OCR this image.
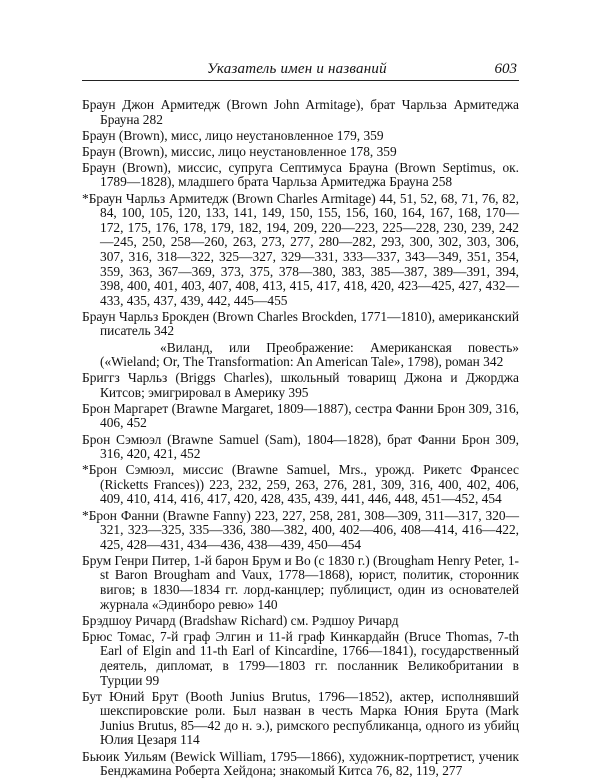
Указатель имен и названий	603

Браун Джон Армитедж (Brown John Armitage), брат Чарльза Армитеджа Брауна 282

Браун (Brown), мисс, лицо неустановленное 179, 359

Браун (Brown), миссис, лицо неустановленное 178, 359

Браун (Brown), миссис, супруга Септимуса Брауна (Brown Septimus, ок. 1789—1828), младшего брата Чарльза Армитеджа Брауна 258

*Браун Чарльз Армитедж (Brown Charles Armitage) 44, 51, 52, 68, 71, 76, 82, 84, 100, 105, 120, 133, 141, 149, 150, 155, 156, 160, 164, 167, 168, 170—172, 175, 176, 178, 179, 182, 194, 209, 220—223, 225—228, 230, 239, 242—245, 250, 258—260, 263, 273, 277, 280—282, 293, 300, 302, 303, 306, 307, 316, 318—322, 325—327, 329—331, 333—337, 343—349, 351, 354, 359, 363, 367—369, 373, 375, 378—380, 383, 385—387, 389—391, 394, 398, 400, 401, 403, 407, 408, 413, 415, 417, 418, 420, 423—425, 427, 432—433, 435, 437, 439, 442, 445—455

Браун Чарльз Брокден (Brown Charles Brockden, 1771—1810), американский писатель 342

«Виланд, или Преображение: Американская повесть» («Wieland; Or, The Transformation: An American Tale», 1798), роман 342

Бриггз Чарльз (Briggs Charles), школьный товарищ Джона и Джорджа Китсов; эмигрировал в Америку 395

Брон Маргарет (Brawne Margaret, 1809—1887), сестра Фанни Брон 309, 316, 406, 452

Брон Сэмюэл (Brawne Samuel (Sam), 1804—1828), брат Фанни Брон 309, 316, 420, 421, 452

*Брон Сэмюэл, миссис (Brawne Samuel, Mrs., урожд. Рикетс Франсес (Ricketts Frances)) 223, 232, 259, 263, 276, 281, 309, 316, 400, 402, 406, 409, 410, 414, 416, 417, 420, 428, 435, 439, 441, 446, 448, 451—452, 454

*Брон Фанни (Brawne Fanny) 223, 227, 258, 281, 308—309, 311—317, 320—321, 323—325, 335—336, 380—382, 400, 402—406, 408—414, 416—422, 425, 428—431, 434—436, 438—439, 450—454

Брум Генри Питер, 1-й барон Брум и Во (с 1830 г.) (Brougham Henry Peter, 1-st Baron Brougham and Vaux, 1778—1868), юрист, политик, сторонник вигов; в 1830—1834 гг. лорд-канцлер; публицист, один из основателей журнала «Эдинборо ревю» 140

Брэдшоу Ричард (Bradshaw Richard) см. Рэдшоу Ричард

Брюс Томас, 7-й граф Элгин и 11-й граф Кинкардайн (Bruce Thomas, 7-th Earl of Elgin and 11-th Earl of Kincardine, 1766—1841), государственный деятель, дипломат, в 1799—1803 гг. посланник Великобритании в Турции 99

Бут Юний Брут (Booth Junius Brutus, 1796—1852), актер, исполнявший шекспировские роли. Был назван в честь Марка Юния Брута (Mark Junius Brutus, 85—42 до н. э.), римского республиканца, одного из убийц Юлия Цезаря 114

Бьюик Уильям (Bewick William, 1795—1866), художник-портретист, ученик Бенджамина Роберта Хейдона; знакомый Китса 76, 82, 119, 277
